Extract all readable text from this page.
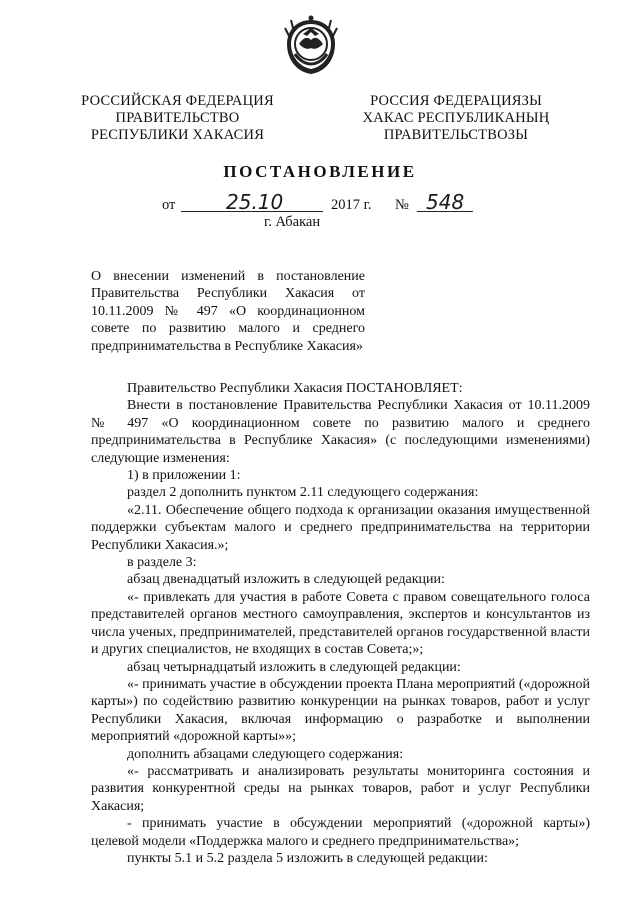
РОССИЙСКАЯ ФЕДЕРАЦИЯ
ПРАВИТЕЛЬСТВО
РЕСПУБЛИКИ ХАКАСИЯ
РОССИЯ ФЕДЕРАЦИЯЗЫ
ХАКАС РЕСПУБЛИКАНЫҢ
ПРАВИТЕЛЬСТВОЗЫ
ПОСТАНОВЛЕНИЕ
от	25.10	2017 г. № 548
г. Абакан
О внесении изменений в постановление
Правительства Республики Хакасия от
10.11.2009 № 497 «О координационном
совете по развитию малого и среднего
предпринимательства в Республике Хакасия»

Правительство Республики Хакасия ПОСТАНОВЛЯЕТ:

Внести в постановление Правительства Республики Хакасия от 10.11.2009 № 497 «О координационном совете по развитию малого и среднего предпринимательства в Республике Хакасия» (с последующими изменениями) следующие изменения:

1) в приложении 1:

раздел 2 дополнить пунктом 2.11 следующего содержания:

«2.11. Обеспечение общего подхода к организации оказания имущественной поддержки субъектам малого и среднего предпринимательства на территории Республики Хакасия.»;

в разделе 3:

абзац двенадцатый изложить в следующей редакции:

«- привлекать для участия в работе Совета с правом совещательного голоса представителей органов местного самоуправления, экспертов и консультантов из числа ученых, предпринимателей, представителей органов государственной власти и других специалистов, не входящих в состав Совета;»;

абзац четырнадцатый изложить в следующей редакции:

«- принимать участие в обсуждении проекта Плана мероприятий («дорожной карты») по содействию развитию конкуренции на рынках товаров, работ и услуг Республики Хакасия, включая информацию о разработке и выполнении мероприятий «дорожной карты»»;

дополнить абзацами следующего содержания:

«- рассматривать и анализировать результаты мониторинга состояния и развития конкурентной среды на рынках товаров, работ и услуг Республики Хакасия;

- принимать участие в обсуждении мероприятий («дорожной карты») целевой модели «Поддержка малого и среднего предпринимательства»;

пункты 5.1 и 5.2 раздела 5 изложить в следующей редакции:
